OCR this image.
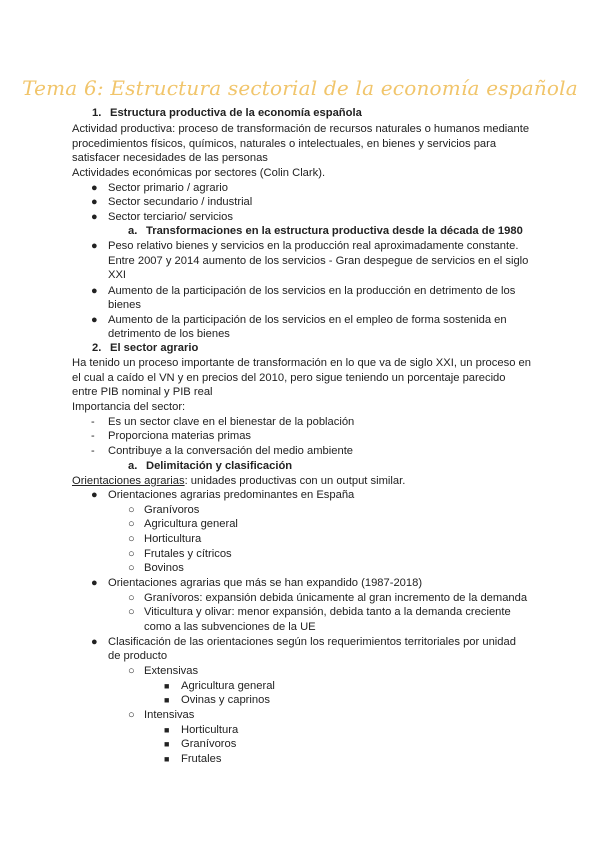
Tema 6: Estructura sectorial de la economía española
1. Estructura productiva de la economía española
Actividad productiva: proceso de transformación de recursos naturales o humanos mediante
procedimientos físicos, químicos, naturales o intelectuales, en bienes y servicios para
satisfacer necesidades de las personas
Actividades económicas por sectores (Colin Clark).
● Sector primario / agrario
● Sector secundario / industrial
● Sector terciario/ servicios
a. Transformaciones en la estructura productiva desde la década de 1980
● Peso relativo bienes y servicios en la producción real aproximadamente constante.
Entre 2007 y 2014 aumento de los servicios - Gran despegue de servicios en el siglo
XXI
● Aumento de la participación de los servicios en la producción en detrimento de los
bienes
● Aumento de la participación de los servicios en el empleo de forma sostenida en
detrimento de los bienes
2. El sector agrario
Ha tenido un proceso importante de transformación en lo que va de siglo XXI, un proceso en
el cual a caído el VN y en precios del 2010, pero sigue teniendo un porcentaje parecido
entre PIB nominal y PIB real
Importancia del sector:
- Es un sector clave en el bienestar de la población
- Proporciona materias primas
- Contribuye a la conversación del medio ambiente
a. Delimitación y clasificación
Orientaciones agrarias: unidades productivas con un output similar.
● Orientaciones agrarias predominantes en España
○ Granívoros
○ Agricultura general
○ Horticultura
○ Frutales y cítricos
○ Bovinos
● Orientaciones agrarias que más se han expandido (1987-2018)
○ Granívoros: expansión debida únicamente al gran incremento de la demanda
○ Viticultura y olivar: menor expansión, debida tanto a la demanda creciente
como a las subvenciones de la UE
● Clasificación de las orientaciones según los requerimientos territoriales por unidad
de producto
○ Extensivas
■ Agricultura general
■ Ovinas y caprinos
○ Intensivas
■ Horticultura
■ Granívoros
■ Frutales
